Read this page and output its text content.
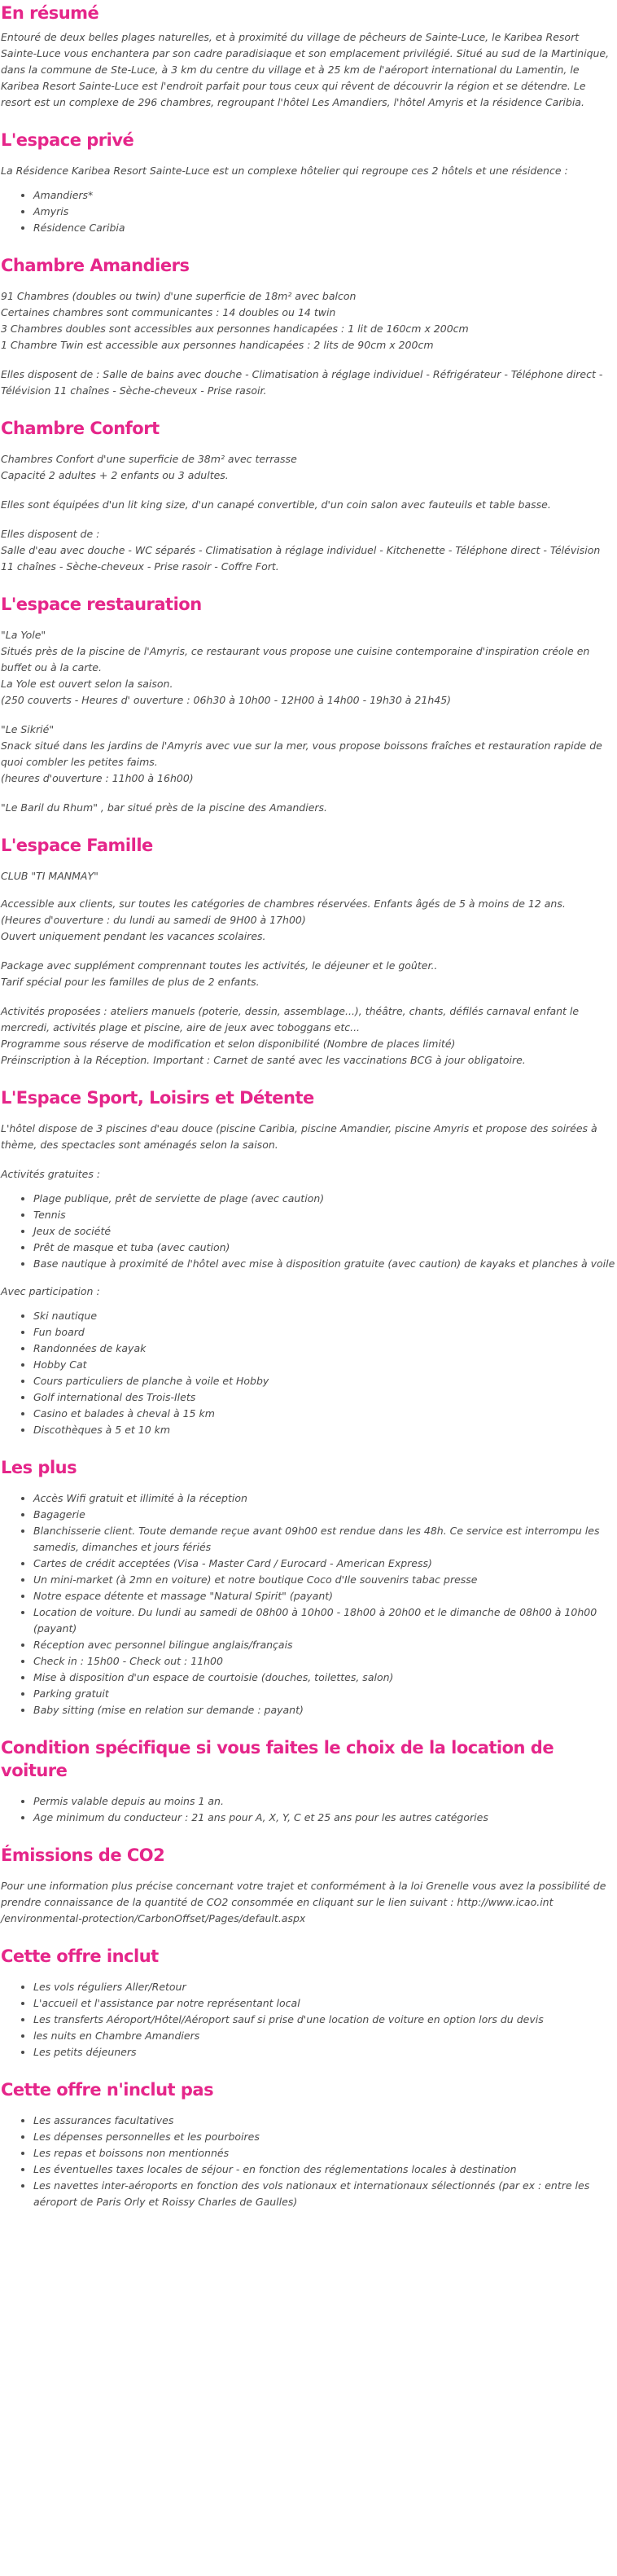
En résumé

Entouré de deux belles plages naturelles, et à proximité du village de pêcheurs de Sainte-Luce, le Karibea Resort Sainte-Luce vous enchantera par son cadre paradisiaque et son emplacement privilégié. Situé au sud de la Martinique, dans la commune de Ste-Luce, à 3 km du centre du village et à 25 km de l'aéroport international du Lamentin, le Karibea Resort Sainte-Luce est l'endroit parfait pour tous ceux qui rêvent de découvrir la région et se détendre. Le resort est un complexe de 296 chambres, regroupant l'hôtel Les Amandiers, l'hôtel Amyris et la résidence Caribia.

L'espace privé

La Résidence Karibea Resort Sainte-Luce est un complexe hôtelier qui regroupe ces 2 hôtels et une résidence :

• Amandiers*
• Amyris
• Résidence Caribia
Chambre Amandiers

91 Chambres (doubles ou twin) d'une superficie de 18m² avec balcon
Certaines chambres sont communicantes : 14 doubles ou 14 twin
3 Chambres doubles sont accessibles aux personnes handicapées : 1 lit de 160cm x 200cm
1 Chambre Twin est accessible aux personnes handicapées : 2 lits de 90cm x 200cm

Elles disposent de : Salle de bains avec douche - Climatisation à réglage individuel - Réfrigérateur - Téléphone direct - Télévision 11 chaînes - Sèche-cheveux - Prise rasoir.

Chambre Confort

Chambres Confort d'une superficie de 38m² avec terrasse
Capacité 2 adultes + 2 enfants ou 3 adultes.

Elles sont équipées d'un lit king size, d'un canapé convertible, d'un coin salon avec fauteuils et table basse.

Elles disposent de :
Salle d'eau avec douche - WC séparés - Climatisation à réglage individuel - Kitchenette - Téléphone direct - Télévision 11 chaînes - Sèche-cheveux - Prise rasoir - Coffre Fort.

L'espace restauration

"La Yole"
Situés près de la piscine de l'Amyris, ce restaurant vous propose une cuisine contemporaine d'inspiration créole en buffet ou à la carte.
La Yole est ouvert selon la saison.
(250 couverts - Heures d' ouverture : 06h30 à 10h00 - 12H00 à 14h00 - 19h30 à 21h45)

"Le Sikrié"
Snack situé dans les jardins de l'Amyris avec vue sur la mer, vous propose boissons fraîches et restauration rapide de quoi combler les petites faims.
(heures d'ouverture : 11h00 à 16h00)

"Le Baril du Rhum" , bar situé près de la piscine des Amandiers.

L'espace Famille

CLUB "TI MANMAY"

Accessible aux clients, sur toutes les catégories de chambres réservées. Enfants âgés de 5 à moins de 12 ans.
(Heures d'ouverture : du lundi au samedi de 9H00 à 17h00)
Ouvert uniquement pendant les vacances scolaires.

Package avec supplément comprennant toutes les activités, le déjeuner et le goûter..
Tarif spécial pour les familles de plus de 2 enfants.

Activités proposées : ateliers manuels (poterie, dessin, assemblage...), théâtre, chants, défilés carnaval enfant le mercredi, activités plage et piscine, aire de jeux avec toboggans etc...
Programme sous réserve de modification et selon disponibilité (Nombre de places limité)
Préinscription à la Réception. Important : Carnet de santé avec les vaccinations BCG à jour obligatoire.

L'Espace Sport, Loisirs et Détente

L'hôtel dispose de 3 piscines d'eau douce (piscine Caribia, piscine Amandier, piscine Amyris et propose des soirées à thème, des spectacles sont aménagés selon la saison.

Activités gratuites :

• Plage publique, prêt de serviette de plage (avec caution)
• Tennis
• Jeux de société
• Prêt de masque et tuba (avec caution)
• Base nautique à proximité de l'hôtel avec mise à disposition gratuite (avec caution) de kayaks et planches à voile

Avec participation :

• Ski nautique
• Fun board
• Randonnées de kayak
• Hobby Cat
• Cours particuliers de planche à voile et Hobby
• Golf international des Trois-Ilets
• Casino et balades à cheval à 15 km
• Discothèques à 5 et 10 km
Les plus
• Accès Wifi gratuit et illimité à la réception
• Bagagerie
• Blanchisserie client. Toute demande reçue avant 09h00 est rendue dans les 48h. Ce service est interrompu les samedis, dimanches et jours fériés
• Cartes de crédit acceptées (Visa - Master Card / Eurocard - American Express)
• Un mini-market (à 2mn en voiture) et notre boutique Coco d'Ile souvenirs tabac presse
• Notre espace détente et massage "Natural Spirit" (payant)
• Location de voiture. Du lundi au samedi de 08h00 à 10h00 - 18h00 à 20h00 et le dimanche de 08h00 à 10h00 (payant)
• Réception avec personnel bilingue anglais/français
• Check in : 15h00 - Check out : 11h00
• Mise à disposition d'un espace de courtoisie (douches, toilettes, salon)
• Parking gratuit
• Baby sitting (mise en relation sur demande : payant)
Condition spécifique si vous faites le choix de la location de voiture
• Permis valable depuis au moins 1 an.
• Age minimum du conducteur : 21 ans pour A, X, Y, C et 25 ans pour les autres catégories
Émissions de CO2

Pour une information plus précise concernant votre trajet et conformément à la loi Grenelle vous avez la possibilité de prendre connaissance de la quantité de CO2 consommée en cliquant sur le lien suivant : http://www.icao.int /environmental-protection/CarbonOffset/Pages/default.aspx

Cette offre inclut
• Les vols réguliers Aller/Retour
• L'accueil et l'assistance par notre représentant local
• Les transferts Aéroport/Hôtel/Aéroport sauf si prise d'une location de voiture en option lors du devis
• les nuits en Chambre Amandiers
• Les petits déjeuners
Cette offre n'inclut pas
• Les assurances facultatives
• Les dépenses personnelles et les pourboires
• Les repas et boissons non mentionnés
• Les éventuelles taxes locales de séjour - en fonction des réglementations locales à destination
• Les navettes inter-aéroports en fonction des vols nationaux et internationaux sélectionnés (par ex : entre les aéroport de Paris Orly et Roissy Charles de Gaulles)
